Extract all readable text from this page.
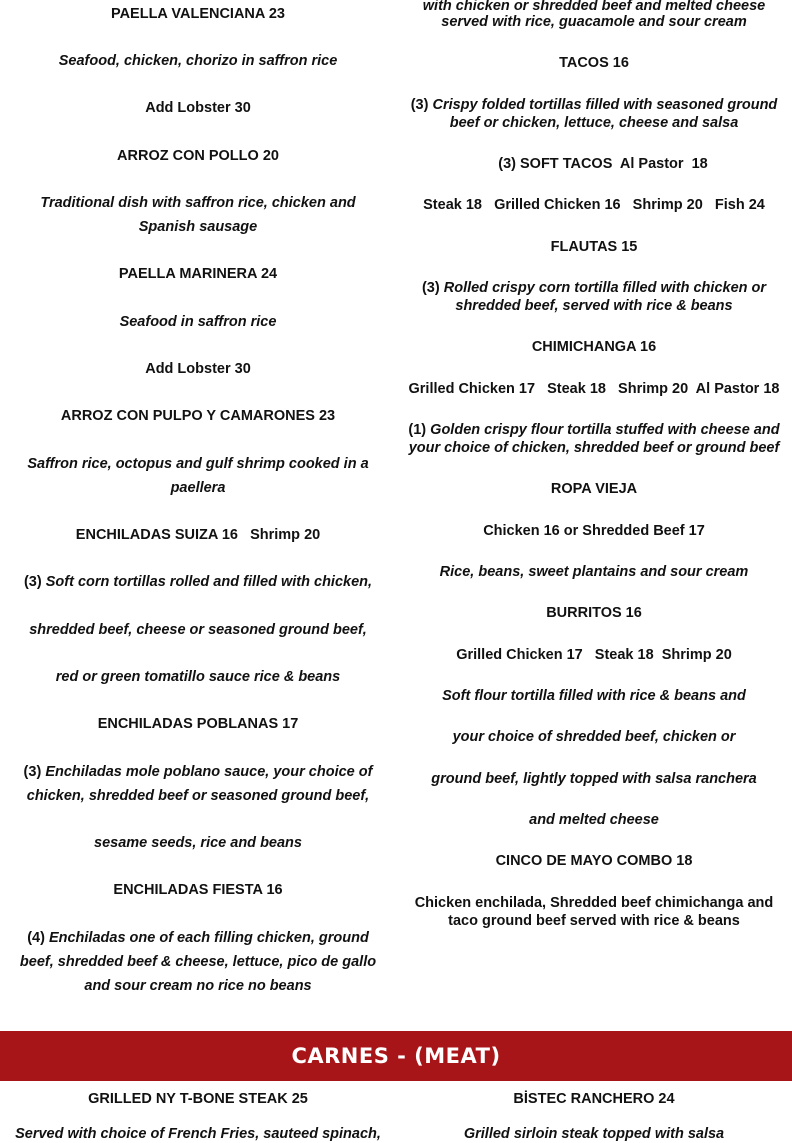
PAELLA VALENCIANA 23
Seafood, chicken, chorizo in saffron rice
Add Lobster 30
ARROZ CON POLLO 20
Traditional dish with saffron rice, chicken and Spanish sausage
PAELLA MARINERA 24
Seafood in saffron rice
Add Lobster 30
ARROZ CON PULPO Y CAMARONES 23
Saffron rice, octopus and gulf shrimp cooked in a paellera
ENCHILADAS SUIZA 16   Shrimp 20
(3) Soft corn tortillas rolled and filled with chicken,
shredded beef, cheese or seasoned ground beef,
red or green tomatillo sauce rice & beans
ENCHILADAS POBLANAS 17
(3) Enchiladas mole poblano sauce, your choice of chicken, shredded beef or seasoned ground beef,
sesame seeds, rice and beans
ENCHILADAS FIESTA 16
(4) Enchiladas one of each filling chicken, ground beef, shredded beef & cheese, lettuce, pico de gallo and sour cream no rice no beans
with chicken or shredded beef and melted cheese
served with rice, guacamole and sour cream
TACOS 16
(3) Crispy folded tortillas filled with seasoned ground beef or chicken, lettuce, cheese and salsa
(3) SOFT TACOS  Al Pastor  18
Steak 18   Grilled Chicken 16   Shrimp 20   Fish 24
FLAUTAS 15
(3) Rolled crispy corn tortilla filled with chicken or shredded beef, served with rice & beans
CHIMICHANGA 16
Grilled Chicken 17   Steak 18   Shrimp 20  Al Pastor 18
(1) Golden crispy flour tortilla stuffed with cheese and your choice of chicken, shredded beef or ground beef
ROPA VIEJA
Chicken 16 or Shredded Beef 17
Rice, beans, sweet plantains and sour cream
BURRITOS 16
Grilled Chicken 17   Steak 18  Shrimp 20
Soft flour tortilla filled with rice & beans and
your choice of shredded beef, chicken or
ground beef, lightly topped with salsa ranchera
and melted cheese
CINCO DE MAYO COMBO 18
Chicken enchilada, Shredded beef chimichanga and taco ground beef served with rice & beans
CARNES - (MEAT)
GRILLED NY T-BONE STEAK 25
Served with choice of French Fries, sauteed spinach,
BİSTEC RANCHERO 24
Grilled sirloin steak topped with salsa
